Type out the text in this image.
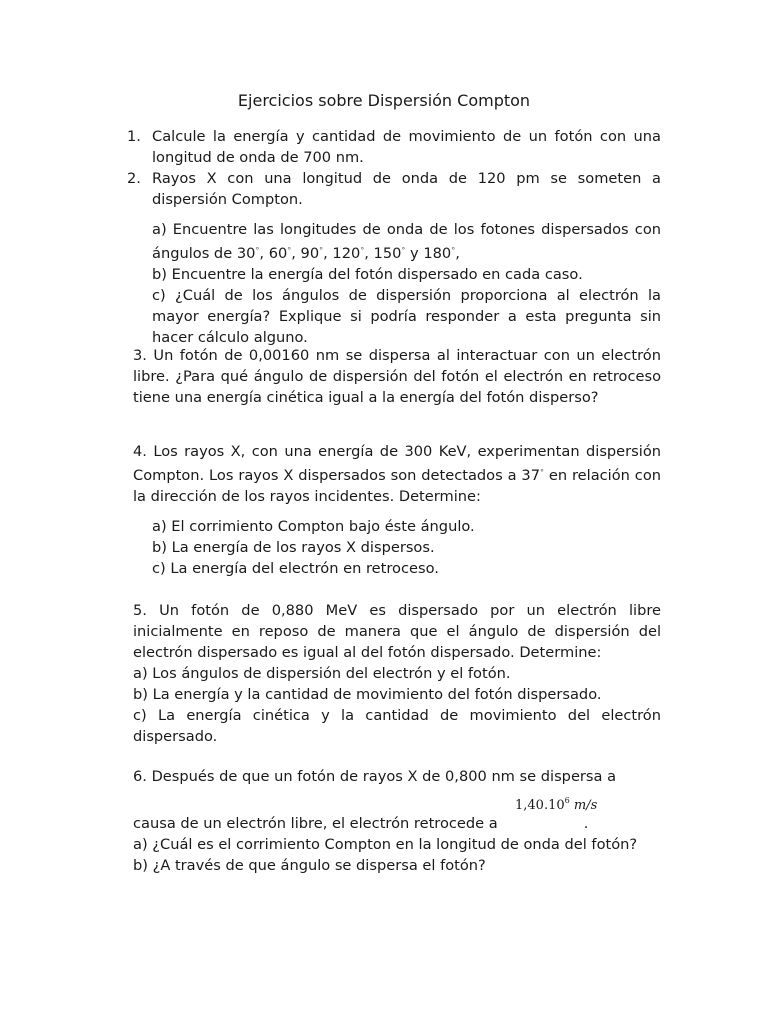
Ejercicios sobre Dispersión Compton

1. Calcule la energía y cantidad de movimiento de un fotón con una longitud de onda de 700 nm.

2. Rayos X con una longitud de onda de 120 pm se someten a dispersión Compton.

a) Encuentre las longitudes de onda de los fotones dispersados con ángulos de 30°, 60°, 90°, 120°, 150° y 180°,

b) Encuentre la energía del fotón dispersado en cada caso.

c) ¿Cuál de los ángulos de dispersión proporciona al electrón la mayor energía? Explique si podría responder a esta pregunta sin hacer cálculo alguno.

3. Un fotón de 0,00160 nm se dispersa al interactuar con un electrón libre. ¿Para qué ángulo de dispersión del fotón el electrón en retroceso tiene una energía cinética igual a la energía del fotón disperso?

4. Los rayos X, con una energía de 300 KeV, experimentan dispersión Compton. Los rayos X dispersados son detectados a 37° en relación con la dirección de los rayos incidentes. Determine:

a) El corrimiento Compton bajo éste ángulo.

b) La energía de los rayos X dispersos.

c) La energía del electrón en retroceso.

5. Un fotón de 0,880 MeV es dispersado por un electrón libre inicialmente en reposo de manera que el ángulo de dispersión del electrón dispersado es igual al del fotón dispersado. Determine:

a) Los ángulos de dispersión del electrón y el fotón.

b) La energía y la cantidad de movimiento del fotón dispersado.

c) La energía cinética y la cantidad de movimiento del electrón dispersado.

6. Después de que un fotón de rayos X de 0,800 nm se dispersa a

1,40.10$^6$ m/s

causa de un electrón libre, el electrón retrocede a	.

a) ¿Cuál es el corrimiento Compton en la longitud de onda del fotón?

b) ¿A través de que ángulo se dispersa el fotón?
